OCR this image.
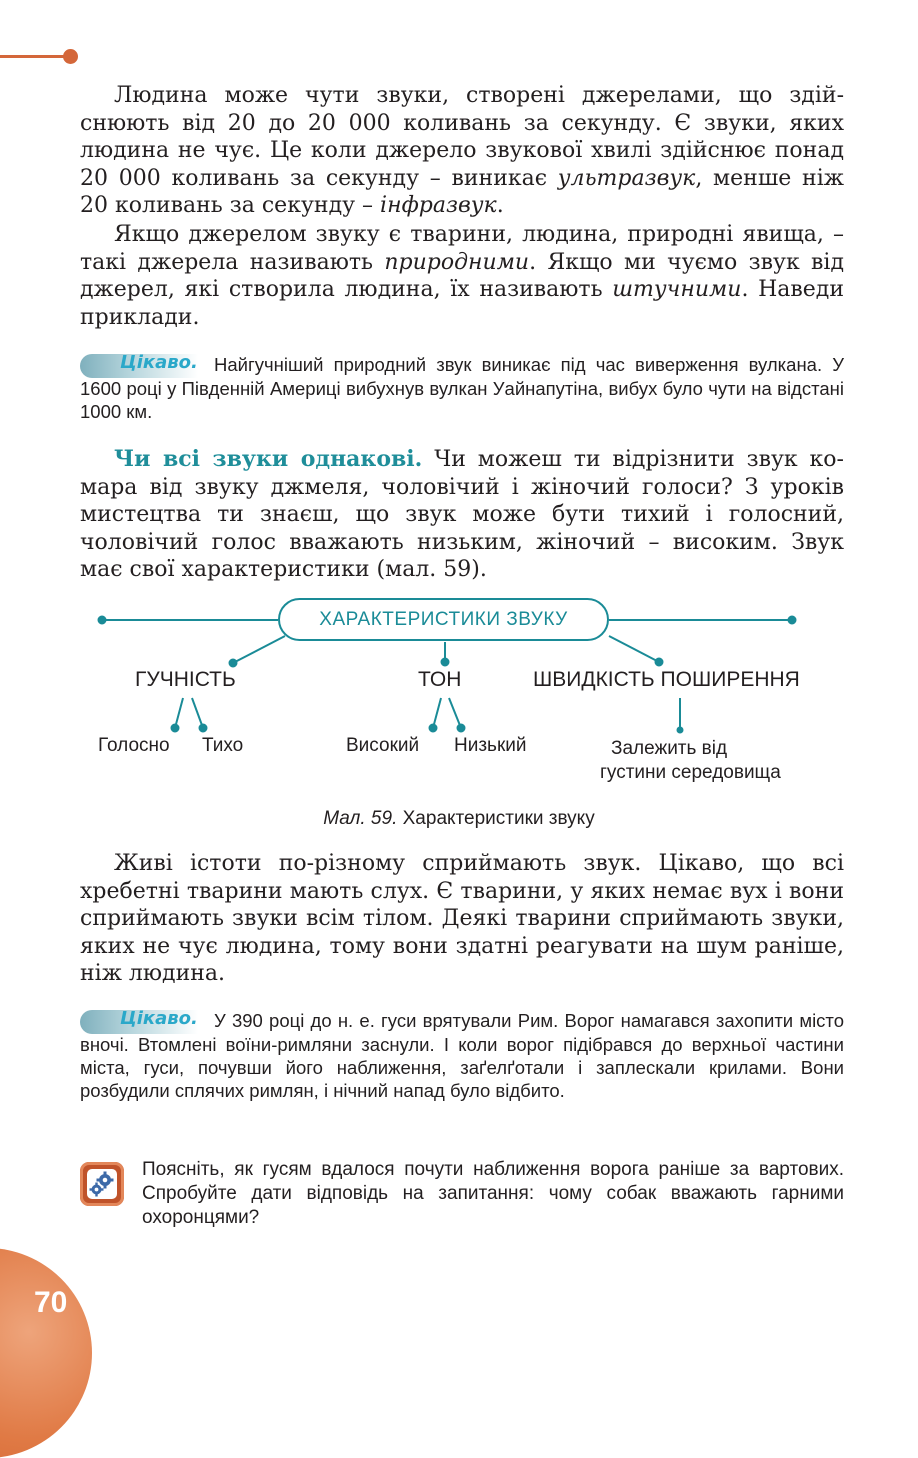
Людина може чути звуки, створені джерелами, що здійснюють від 20 до 20 000 коливань за секунду. Є звуки, яких людина не чує. Це коли джерело звукової хвилі здійснює понад 20 000 коливань за секунду – виникає ультразвук, менше ніж 20 коливань за секунду – інфразвук.

Якщо джерелом звуку є тварини, людина, природні явища, – такі джерела називають природними. Якщо ми чуємо звук від джерел, які створила людина, їх називають штучними. Наведи приклади.

Цікаво. Найгучніший природний звук виникає під час виверження вулкана. У 1600 році у Південній Америці вибухнув вулкан Уайнапутіна, вибух було чути на відстані 1000 км.

Чи всі звуки однакові. Чи можеш ти відрізнити звук комара від звуку джмеля, чоловічий і жіночий голоси? З уроків мистецтва ти знаєш, що звук може бути тихий і голосний, чоловічий голос вважають низьким, жіночий – високим. Звук має свої характеристики (мал. 59).

ХАРАКТЕРИСТИКИ ЗВУКУ
ГУЧНІСТЬ	ТОН	ШВИДКІСТЬ ПОШИРЕННЯ
Голосно Тихо	Високий Низький	Залежить від
густини середовища
Мал. 59. Характеристики звуку

Живі істоти по-різному сприймають звук. Цікаво, що всі хребетні тварини мають слух. Є тварини, у яких немає вух і вони сприймають звуки всім тілом. Деякі тварини сприймають звуки, яких не чує людина, тому вони здатні реагувати на шум раніше, ніж людина.

Цікаво. У 390 році до н. е. гуси врятували Рим. Ворог намагався захопити місто вночі. Втомлені воїни-римляни заснули. І коли ворог підібрався до верхньої частини міста, гуси, почувши його наближення, заґелґотали і заплескали крилами. Вони розбудили сплячих римлян, і нічний напад було відбито.

Поясніть, як гусям вдалося почути наближення ворога раніше за вартових. Спробуйте дати відповідь на запитання: чому собак вважають гарними охоронцями?

70
